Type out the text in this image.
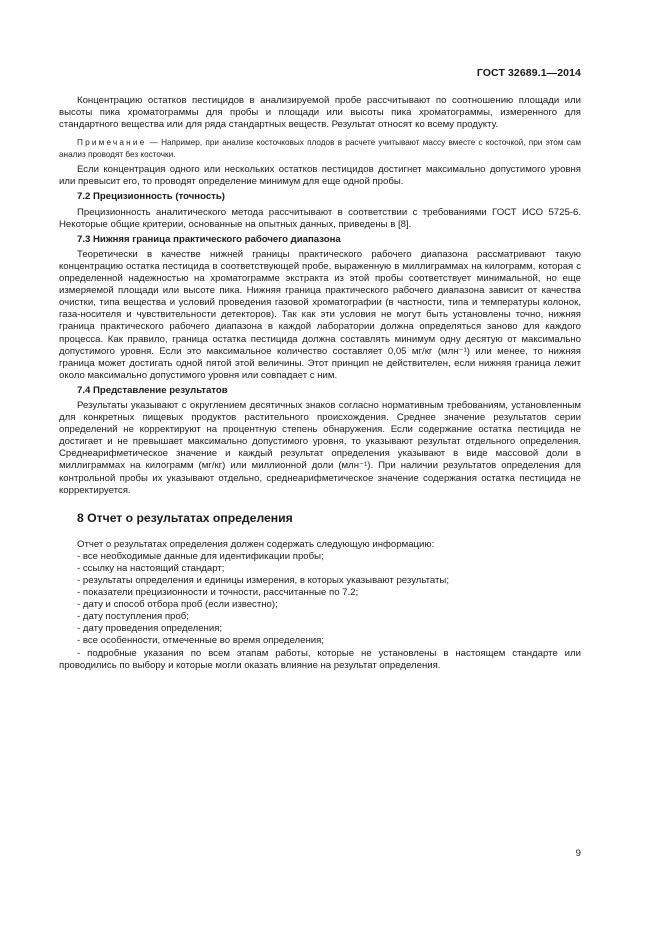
ГОСТ 32689.1—2014

Концентрацию остатков пестицидов в анализируемой пробе рассчитывают по соотношению площади или высоты пика хроматограммы для пробы и площади или высоты пика хроматограммы, измеренного для стандартного вещества или для ряда стандартных веществ. Результат относят ко всему продукту.

Примечание — Например, при анализе косточковых плодов в расчете учитывают массу вместе с косточкой, при этом сам анализ проводят без косточки.

Если концентрация одного или нескольких остатков пестицидов достигнет максимально допустимого уровня или превысит его, то проводят определение минимум для еще одной пробы.

7.2 Прецизионность (точность)

Прецизионность аналитического метода рассчитывают в соответствии с требованиями ГОСТ ИСО 5725-6. Некоторые общие критерии, основанные на опытных данных, приведены в [8].

7.3 Нижняя граница практического рабочего диапазона

Теоретически в качестве нижней границы практического рабочего диапазона рассматривают такую концентрацию остатка пестицида в соответствующей пробе, выраженную в миллиграммах на килограмм, которая с определенной надежностью на хроматограмме экстракта из этой пробы соответствует минимальной, но еще измеряемой площади или высоте пика. Нижняя граница практического рабочего диапазона зависит от качества очистки, типа вещества и условий проведения газовой хроматографии (в частности, типа и температуры колонок, газа-носителя и чувствительности детекторов). Так как эти условия не могут быть установлены точно, нижняя граница практического рабочего диапазона в каждой лаборатории должна определяться заново для каждого процесса. Как правило, граница остатка пестицида должна составлять минимум одну десятую от максимально допустимого уровня. Если это максимальное количество составляет 0,05 мг/кг (млн⁻¹) или менее, то нижняя граница может достигать одной пятой этой величины. Этот принцип не действителен, если нижняя граница лежит около максимально допустимого уровня или совпадает с ним.

7.4 Представление результатов

Результаты указывают с округлением десятичных знаков согласно нормативным требованиям, установленным для конкретных пищевых продуктов растительного происхождения. Среднее значение результатов серии определений не корректируют на процентную степень обнаружения. Если содержание остатка пестицида не достигает и не превышает максимально допустимого уровня, то указывают результат отдельного определения. Среднеарифметическое значение и каждый результат определения указывают в виде массовой доли в миллиграммах на килограмм (мг/кг) или миллионной доли (млн⁻¹). При наличии результатов определения для контрольной пробы их указывают отдельно, среднеарифметическое значение содержания остатка пестицида не корректируется.

8 Отчет о результатах определения

Отчет о результатах определения должен содержать следующую информацию:

- все необходимые данные для идентификации пробы;
- ссылку на настоящий стандарт;
- результаты определения и единицы измерения, в которых указывают результаты;
- показатели прецизионности и точности, рассчитанные по 7.2;
- дату и способ отбора проб (если известно);
- дату поступления проб;
- дату проведения определения;
- все особенности, отмеченные во время определения;
- подробные указания по всем этапам работы, которые не установлены в настоящем стандарте или проводились по выбору и которые могли оказать влияние на результат определения.
9
